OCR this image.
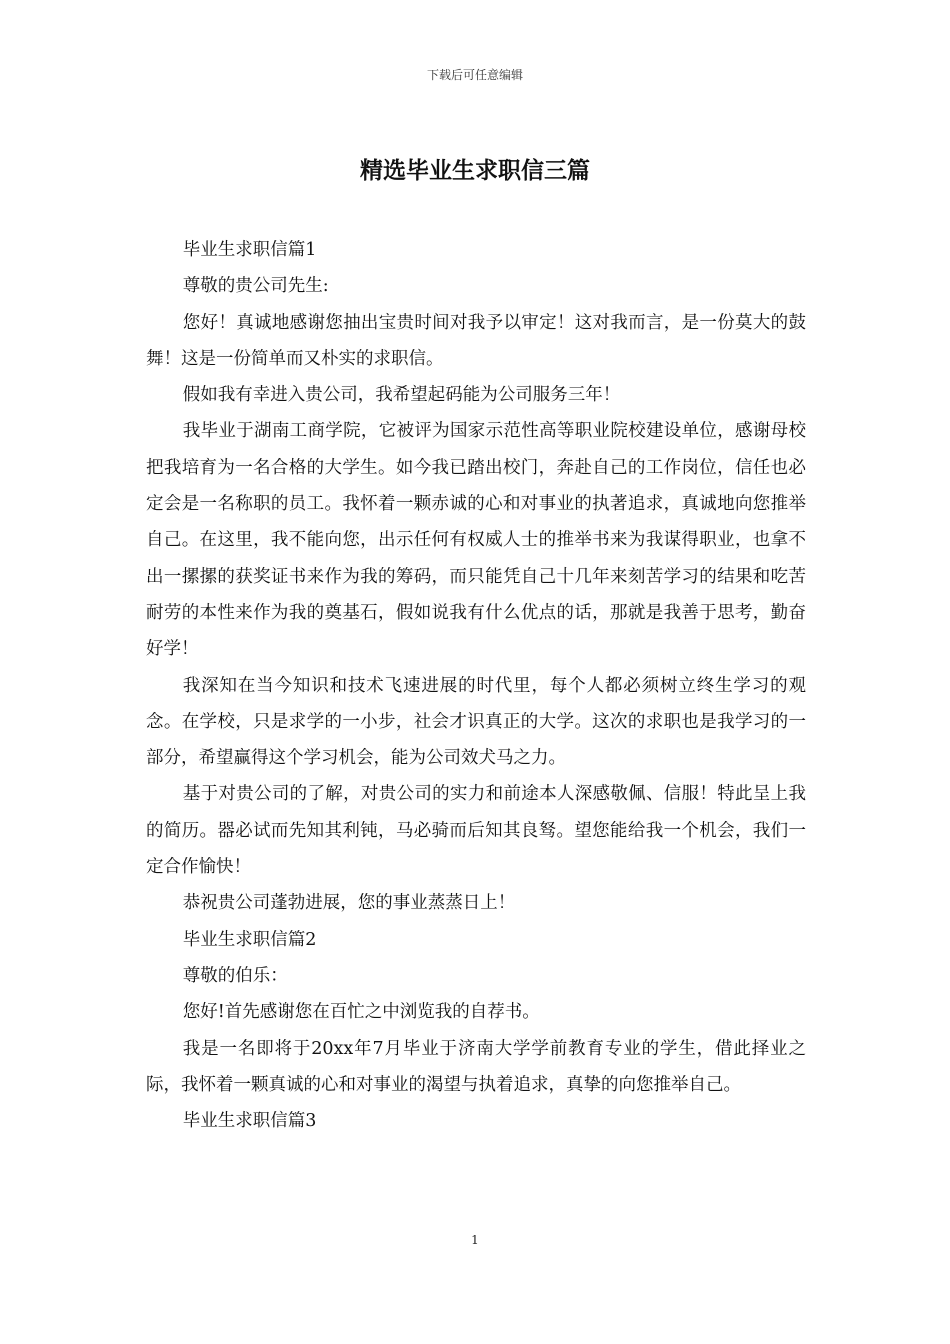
下载后可任意编辑
精选毕业生求职信三篇

毕业生求职信篇1

尊敬的贵公司先生:

您好！真诚地感谢您抽出宝贵时间对我予以审定！这对我而言，是一份莫大的鼓舞！这是一份简单而又朴实的求职信。

假如我有幸进入贵公司，我希望起码能为公司服务三年！

我毕业于湖南工商学院，它被评为国家示范性高等职业院校建设单位，感谢母校把我培育为一名合格的大学生。如今我已踏出校门，奔赴自己的工作岗位，信任也必定会是一名称职的员工。我怀着一颗赤诚的心和对事业的执著追求，真诚地向您推举自己。在这里，我不能向您，出示任何有权威人士的推举书来为我谋得职业，也拿不出一摞摞的获奖证书来作为我的筹码，而只能凭自己十几年来刻苦学习的结果和吃苦耐劳的本性来作为我的奠基石，假如说我有什么优点的话，那就是我善于思考，勤奋好学！

我深知在当今知识和技术飞速进展的时代里，每个人都必须树立终生学习的观念。在学校，只是求学的一小步，社会才识真正的大学。这次的求职也是我学习的一部分，希望赢得这个学习机会，能为公司效犬马之力。

基于对贵公司的了解，对贵公司的实力和前途本人深感敬佩、信服！特此呈上我的简历。器必试而先知其利钝，马必骑而后知其良驽。望您能给我一个机会，我们一定合作愉快！

恭祝贵公司蓬勃进展，您的事业蒸蒸日上！

毕业生求职信篇2

尊敬的伯乐：

您好!首先感谢您在百忙之中浏览我的自荐书。

我是一名即将于20xx年7月毕业于济南大学学前教育专业的学生，借此择业之际，我怀着一颗真诚的心和对事业的渴望与执着追求，真挚的向您推举自己。

毕业生求职信篇3

1
